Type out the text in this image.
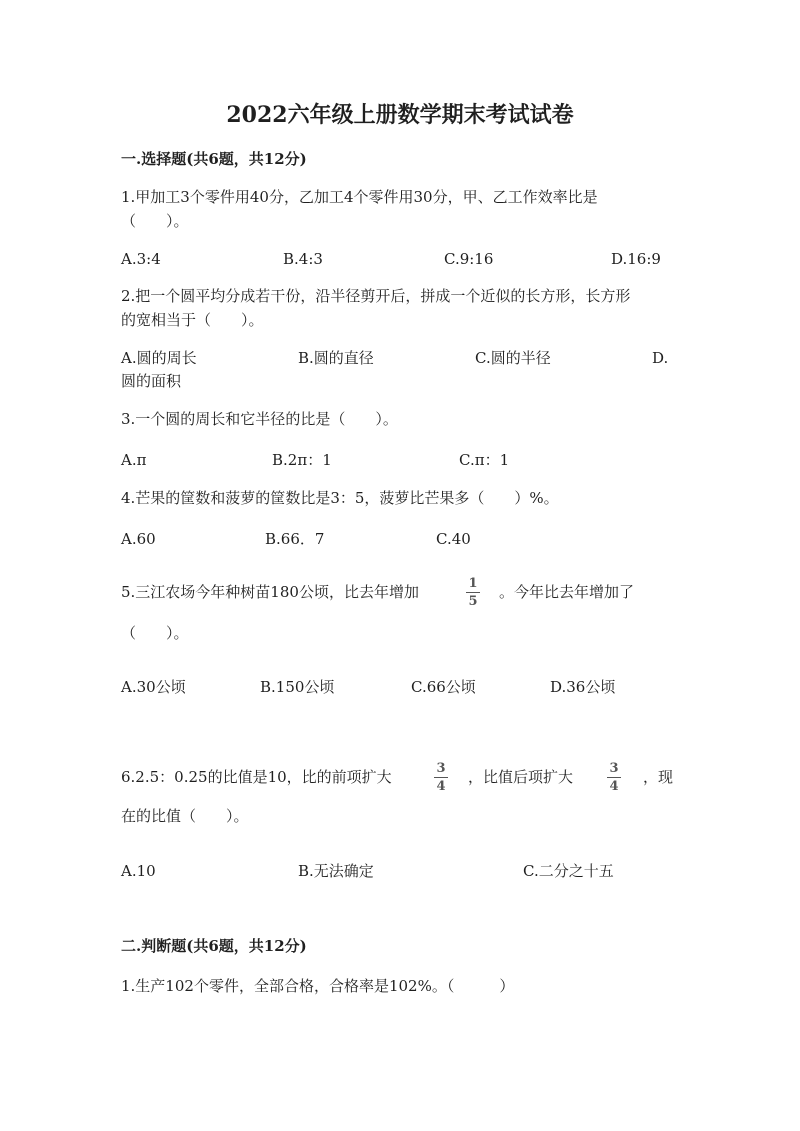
2022六年级上册数学期末考试试卷
一.选择题(共6题，共12分)
1.甲加工3个零件用40分，乙加工4个零件用30分，甲、乙工作效率比是
（　　）。
A.3:4	B.4:3	C.9:16	D.16:9
2.把一个圆平均分成若干份，沿半径剪开后，拼成一个近似的长方形，长方形
的宽相当于（　　）。
A.圆的周长	B.圆的直径	C.圆的半径	D.
圆的面积
3.一个圆的周长和它半径的比是（　　）。
A.π	B.2π：1	C.π：1
4.芒果的筐数和菠萝的筐数比是3：5，菠萝比芒果多（　　）%。
A.60	B.66．7	C.40
5.三江农场今年种树苗180公顷，比去年增加	1
5
。今年比去年增加了
（　　）。
A.30公顷	B.150公顷	C.66公顷	D.36公顷
6.2.5：0.25的比值是10，比的前项扩大	3
4
，比值后项扩大	3
4
，现
在的比值（　　）。
A.10	B.无法确定	C.二分之十五
二.判断题(共6题，共12分)
1.生产102个零件，全部合格，合格率是102%。（　　　）
